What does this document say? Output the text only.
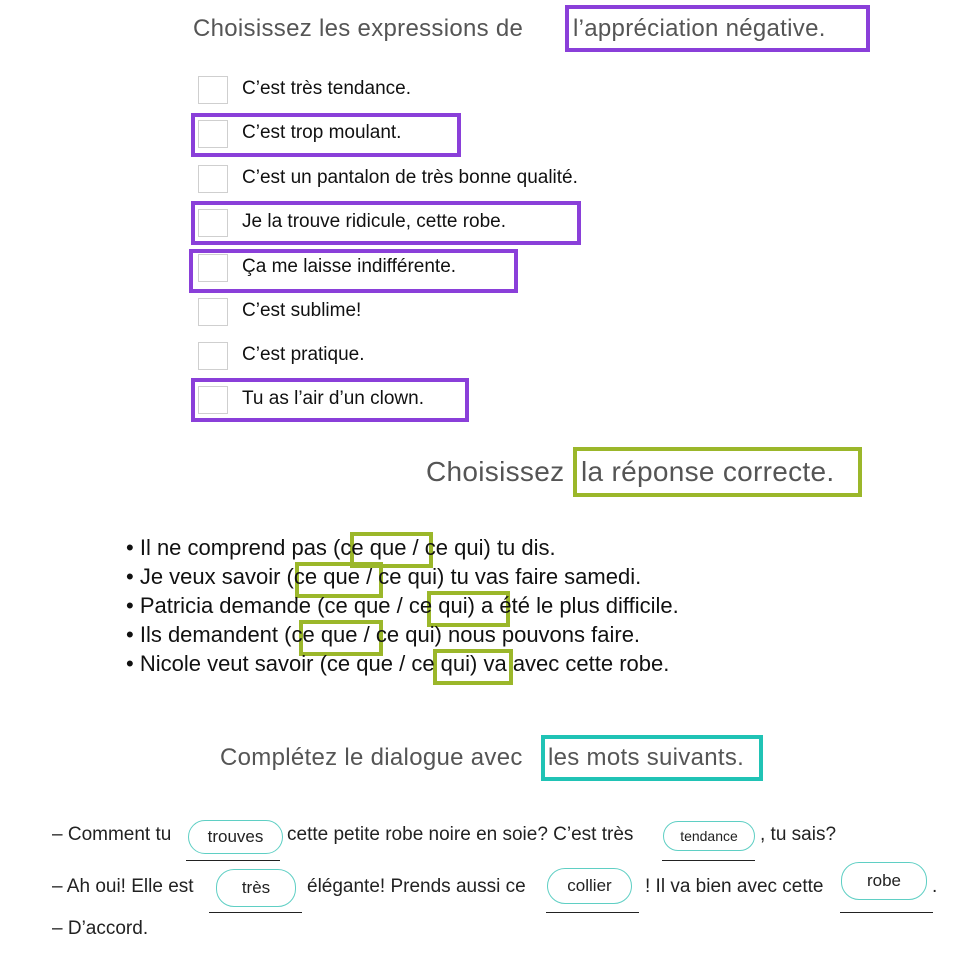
Choisissez les expressions de l’appréciation négative.
C’est très tendance.
C’est trop moulant.
C’est un pantalon de très bonne qualité.
Je la trouve ridicule, cette robe.
Ça me laisse indifférente.
C’est sublime!
C’est pratique.
Tu as l’air d’un clown.
Choisissez la réponse correcte.
• Il ne comprend pas (ce que / ce qui) tu dis.
• Je veux savoir (ce que / ce qui) tu vas faire samedi.
• Patricia demande (ce que / ce qui) a été le plus difficile.
• Ils demandent (ce que / ce qui) nous pouvons faire.
• Nicole veut savoir (ce que / ce qui) va avec cette robe.
Complétez le dialogue avec les mots suivants.
– Comment tu	trouves	cette petite robe noire en soie? C’est très	tendance	, tu sais?
– Ah oui! Elle est	très	élégante! Prends aussi ce	collier	! Il va bien avec cette	robe	.
– D’accord.
